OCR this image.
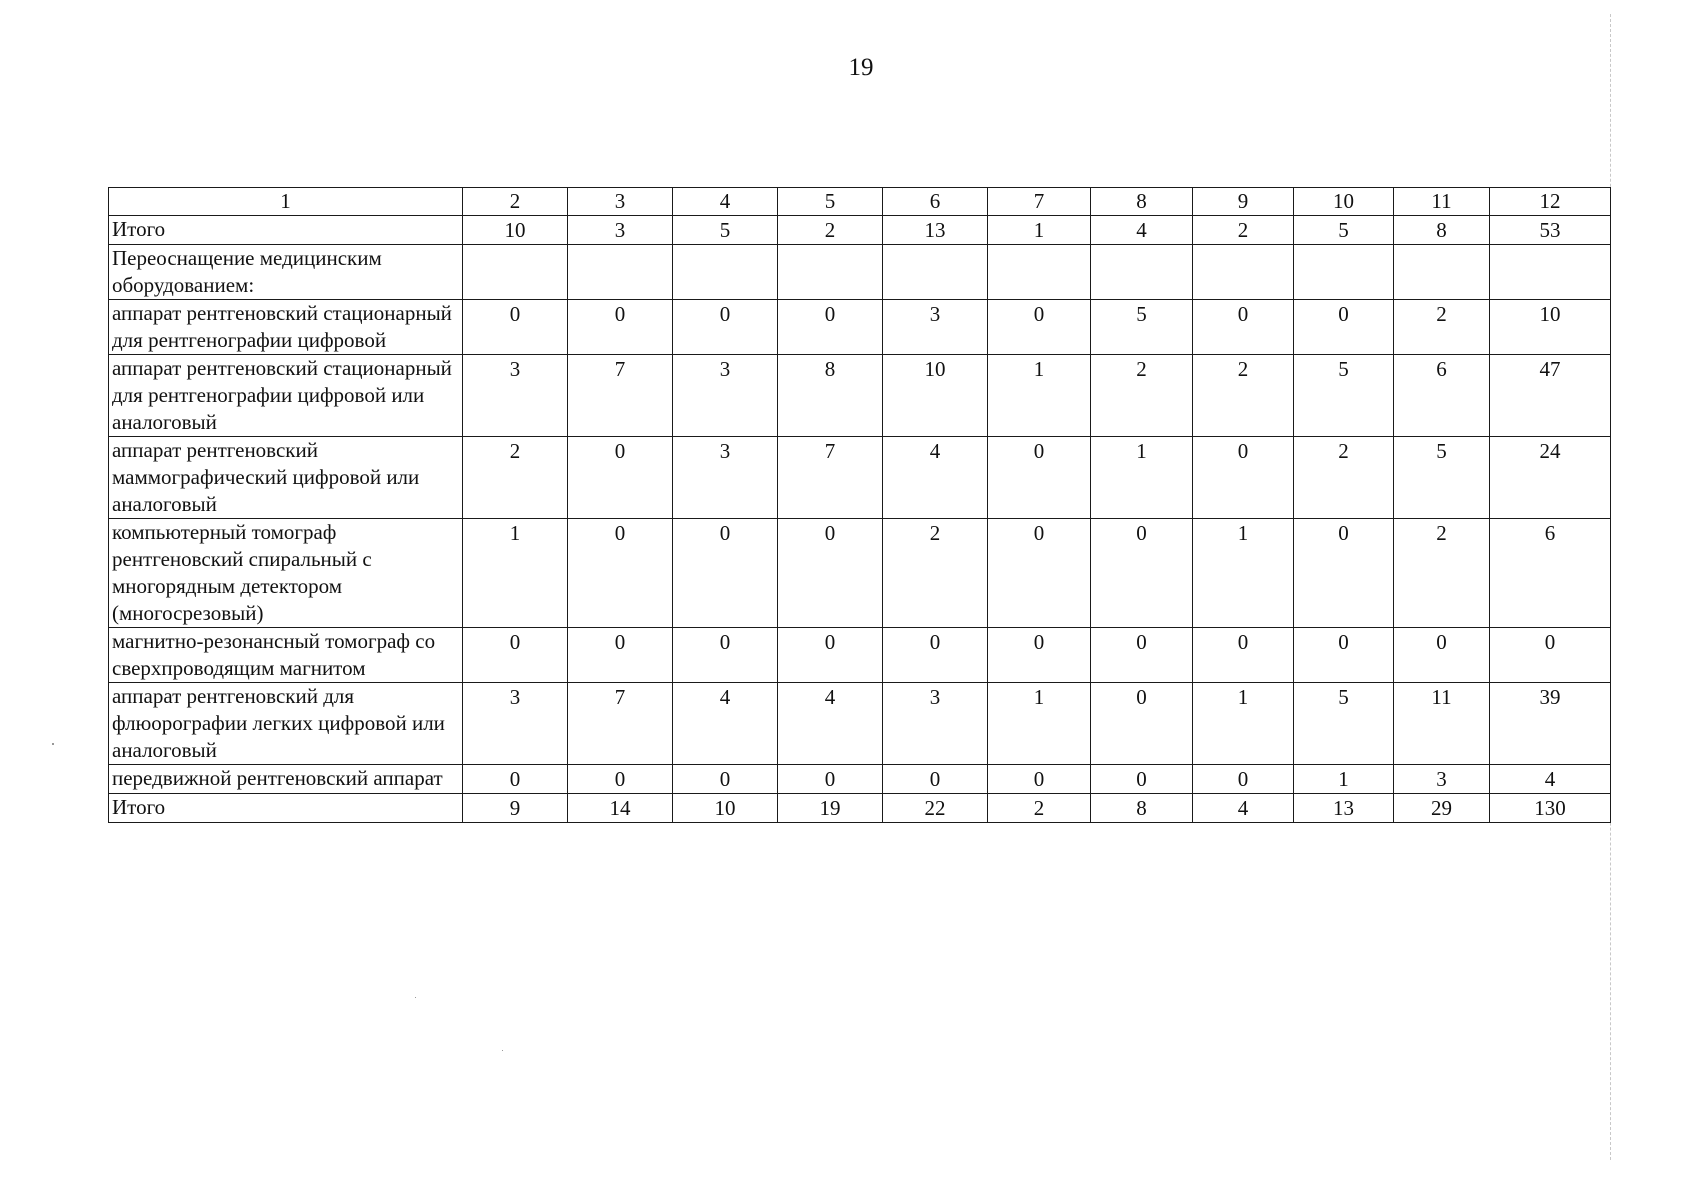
19
1	2	3	4	5	6	7	8	9	10	11	12
Итого	10	3	5	2	13	1	4	2	5	8	53
Переоснащение медицинским оборудованием:											
аппарат рентгеновский стационарный для рентгенографии цифровой	0	0	0	0	3	0	5	0	0	2	10
аппарат рентгеновский стационарный для рентгенографии цифровой или аналоговый	3	7	3	8	10	1	2	2	5	6	47
аппарат рентгеновский маммографический цифровой или аналоговый	2	0	3	7	4	0	1	0	2	5	24
компьютерный томограф рентгеновский спиральный с многорядным детектором (многосрезовый)	1	0	0	0	2	0	0	1	0	2	6
магнитно-резонансный томограф со сверхпроводящим магнитом	0	0	0	0	0	0	0	0	0	0	0
аппарат рентгеновский для флюорографии легких цифровой или аналоговый	3	7	4	4	3	1	0	1	5	11	39
передвижной рентгеновский аппарат	0	0	0	0	0	0	0	0	1	3	4
Итого	9	14	10	19	22	2	8	4	13	29	130
